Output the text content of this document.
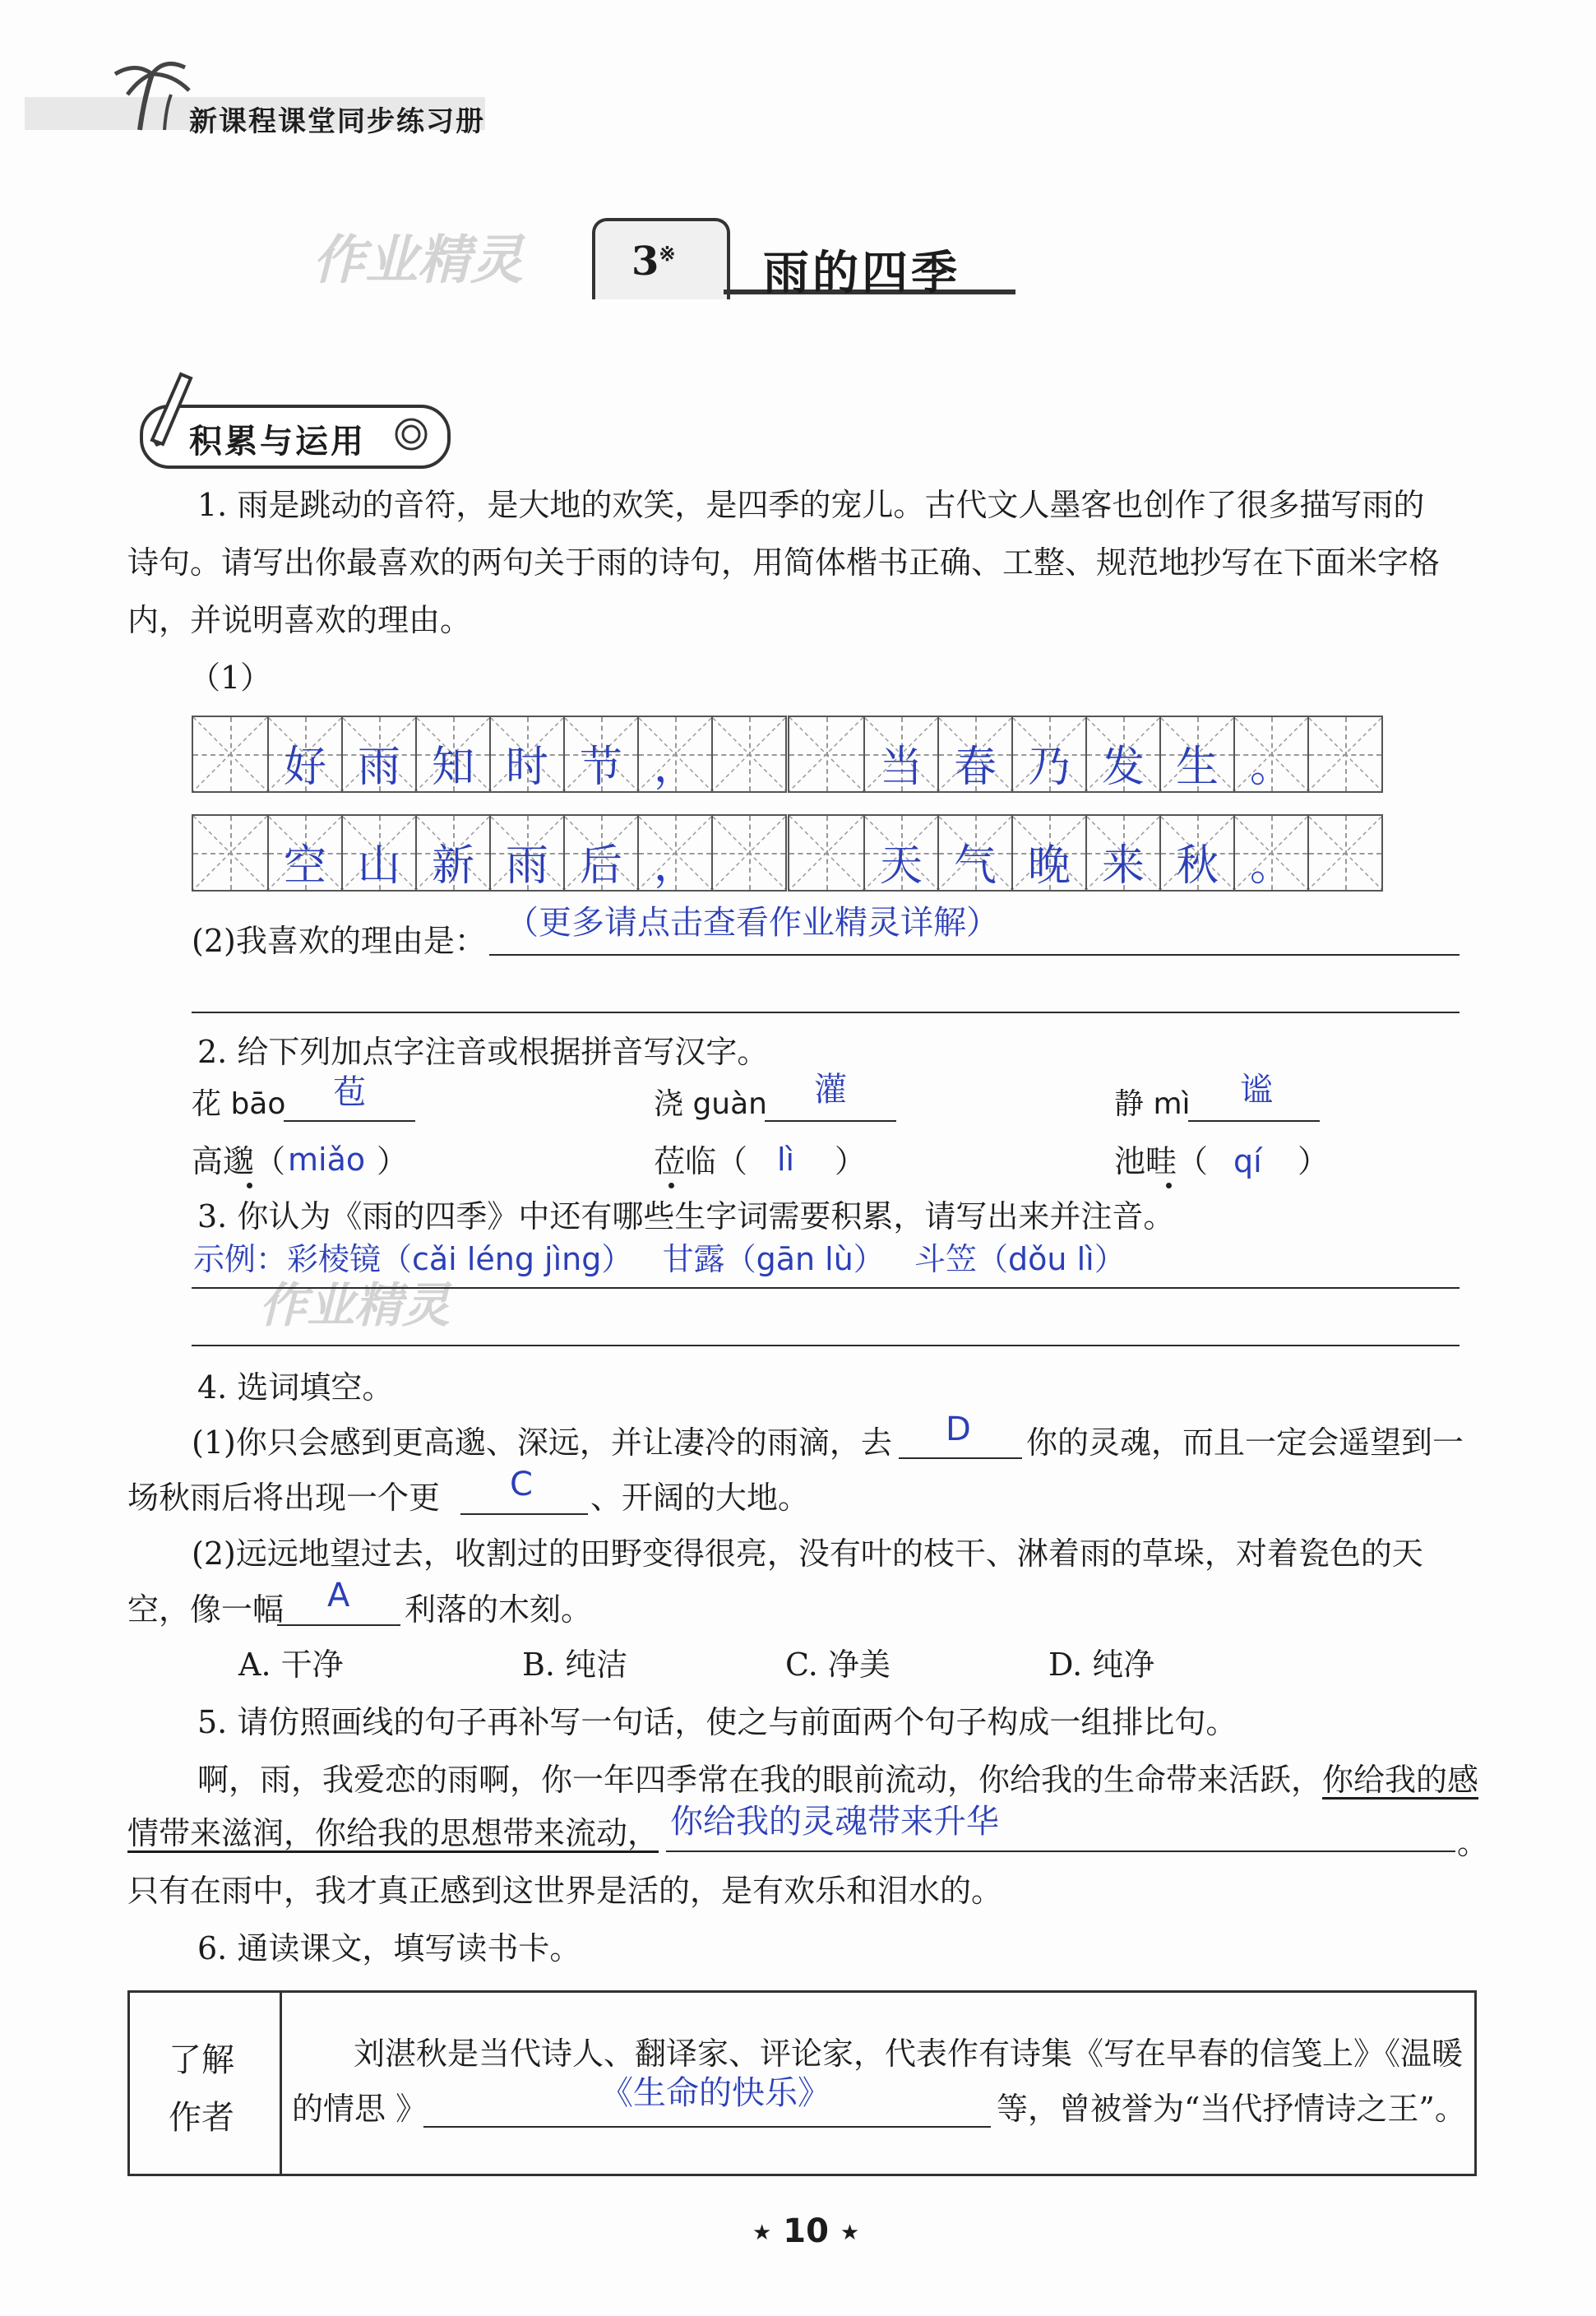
新课程课堂同步练习册
作业精灵	3※ 雨的四季
积累与运用
1. 雨是跳动的音符，是大地的欢笑，是四季的宠儿。古代文人墨客也创作了很多描写雨的
诗句。请写出你最喜欢的两句关于雨的诗句，用简体楷书正确、工整、规范地抄写在下面米字格
内，并说明喜欢的理由。
（1）
好 雨 知 时 节 ，	当 春 乃 发 生 。
空 山 新 雨 后 ，	天 气 晚 来 秋 。
(2)我喜欢的理由是： （更多请点击查看作业精灵详解）
2. 给下列加点字注音或根据拼音写汉字。
花 bāo 苞	浇 guàn 灌	静 mì 谧
高邈（ miǎo ）	莅临（ lì ）	池畦（ qí ）
3. 你认为《雨的四季》中还有哪些生字词需要积累，请写出来并注音。
作业精灵
示例：彩棱镜（cǎi léng jìng）   甘露（gān lù）   斗笠（dǒu lì）
4. 选词填空。
(1)你只会感到更高邈、深远，并让凄冷的雨滴，去 D 你的灵魂，而且一定会遥望到一
场秋雨后将出现一个更 C 、开阔的大地。
(2)远远地望过去，收割过的田野变得很亮，没有叶的枝干、淋着雨的草垛，对着瓷色的天
空，像一幅 A 利落的木刻。
A. 干净	B. 纯洁	C. 净美	D. 纯净
5. 请仿照画线的句子再补写一句话，使之与前面两个句子构成一组排比句。
啊，雨，我爱恋的雨啊，你一年四季常在我的眼前流动，你给我的生命带来活跃，你给我的感
情带来滋润，你给我的思想带来流动， 你给我的灵魂带来升华
。
只有在雨中，我才真正感到这世界是活的，是有欢乐和泪水的。
6. 通读课文，填写读书卡。
了解
作者
刘湛秋是当代诗人、翻译家、评论家，代表作有诗集《写在早春的信笺上》《温暖
的情思 》	《生命的快乐》	等，曾被誉为“当代抒情诗之王”。
★ 10 ★
